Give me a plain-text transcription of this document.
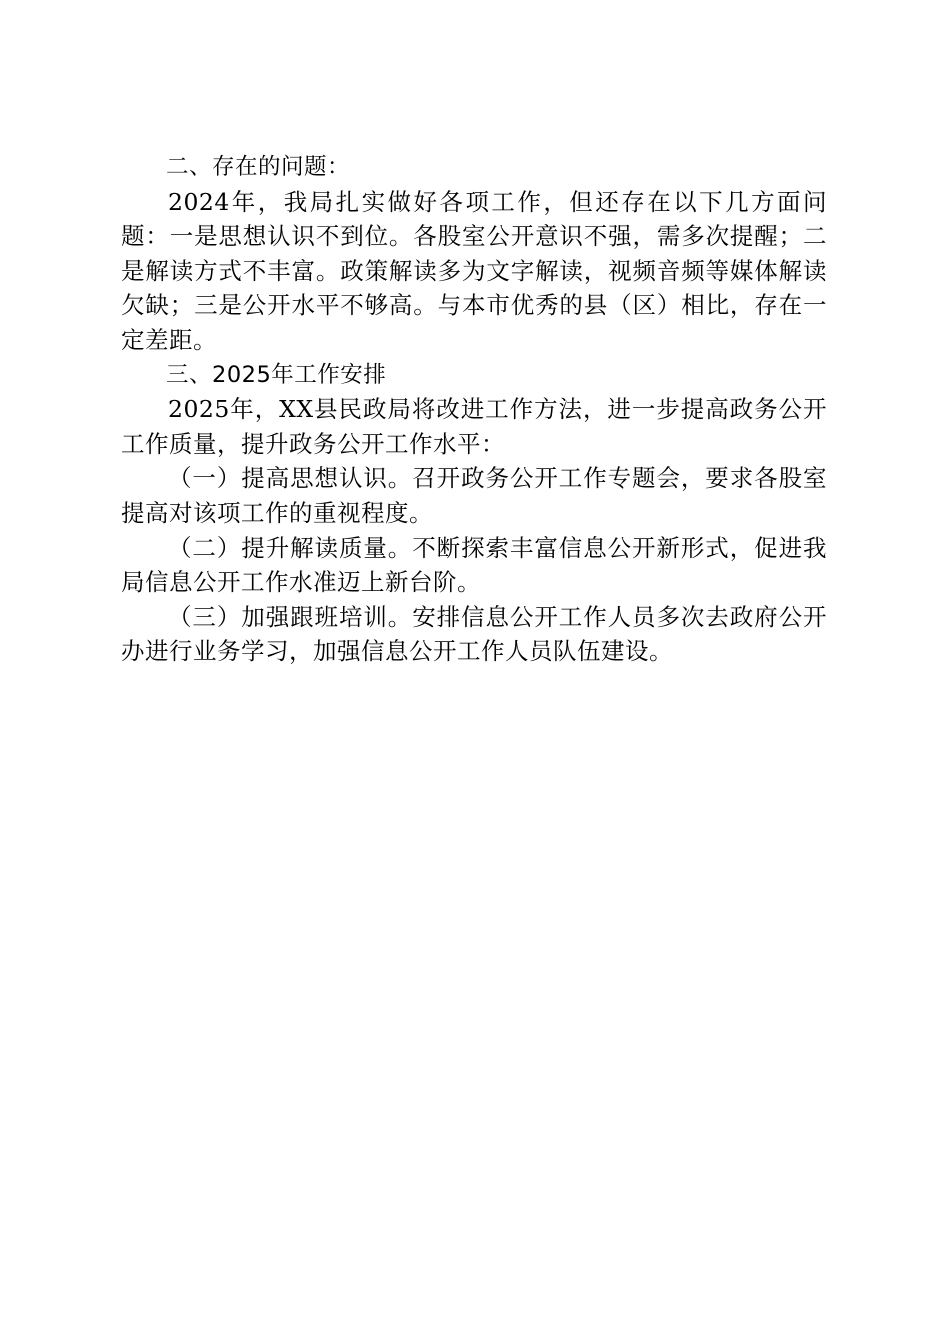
二、存在的问题：

2024年，我局扎实做好各项工作，但还存在以下几方面问题：一是思想认识不到位。各股室公开意识不强，需多次提醒；二是解读方式不丰富。政策解读多为文字解读，视频音频等媒体解读欠缺；三是公开水平不够高。与本市优秀的县（区）相比，存在一定差距。

三、2025年工作安排

2025年，XX县民政局将改进工作方法，进一步提高政务公开工作质量，提升政务公开工作水平：

（一）提高思想认识。召开政务公开工作专题会，要求各股室提高对该项工作的重视程度。

（二）提升解读质量。不断探索丰富信息公开新形式，促进我局信息公开工作水准迈上新台阶。

（三）加强跟班培训。安排信息公开工作人员多次去政府公开办进行业务学习，加强信息公开工作人员队伍建设。
